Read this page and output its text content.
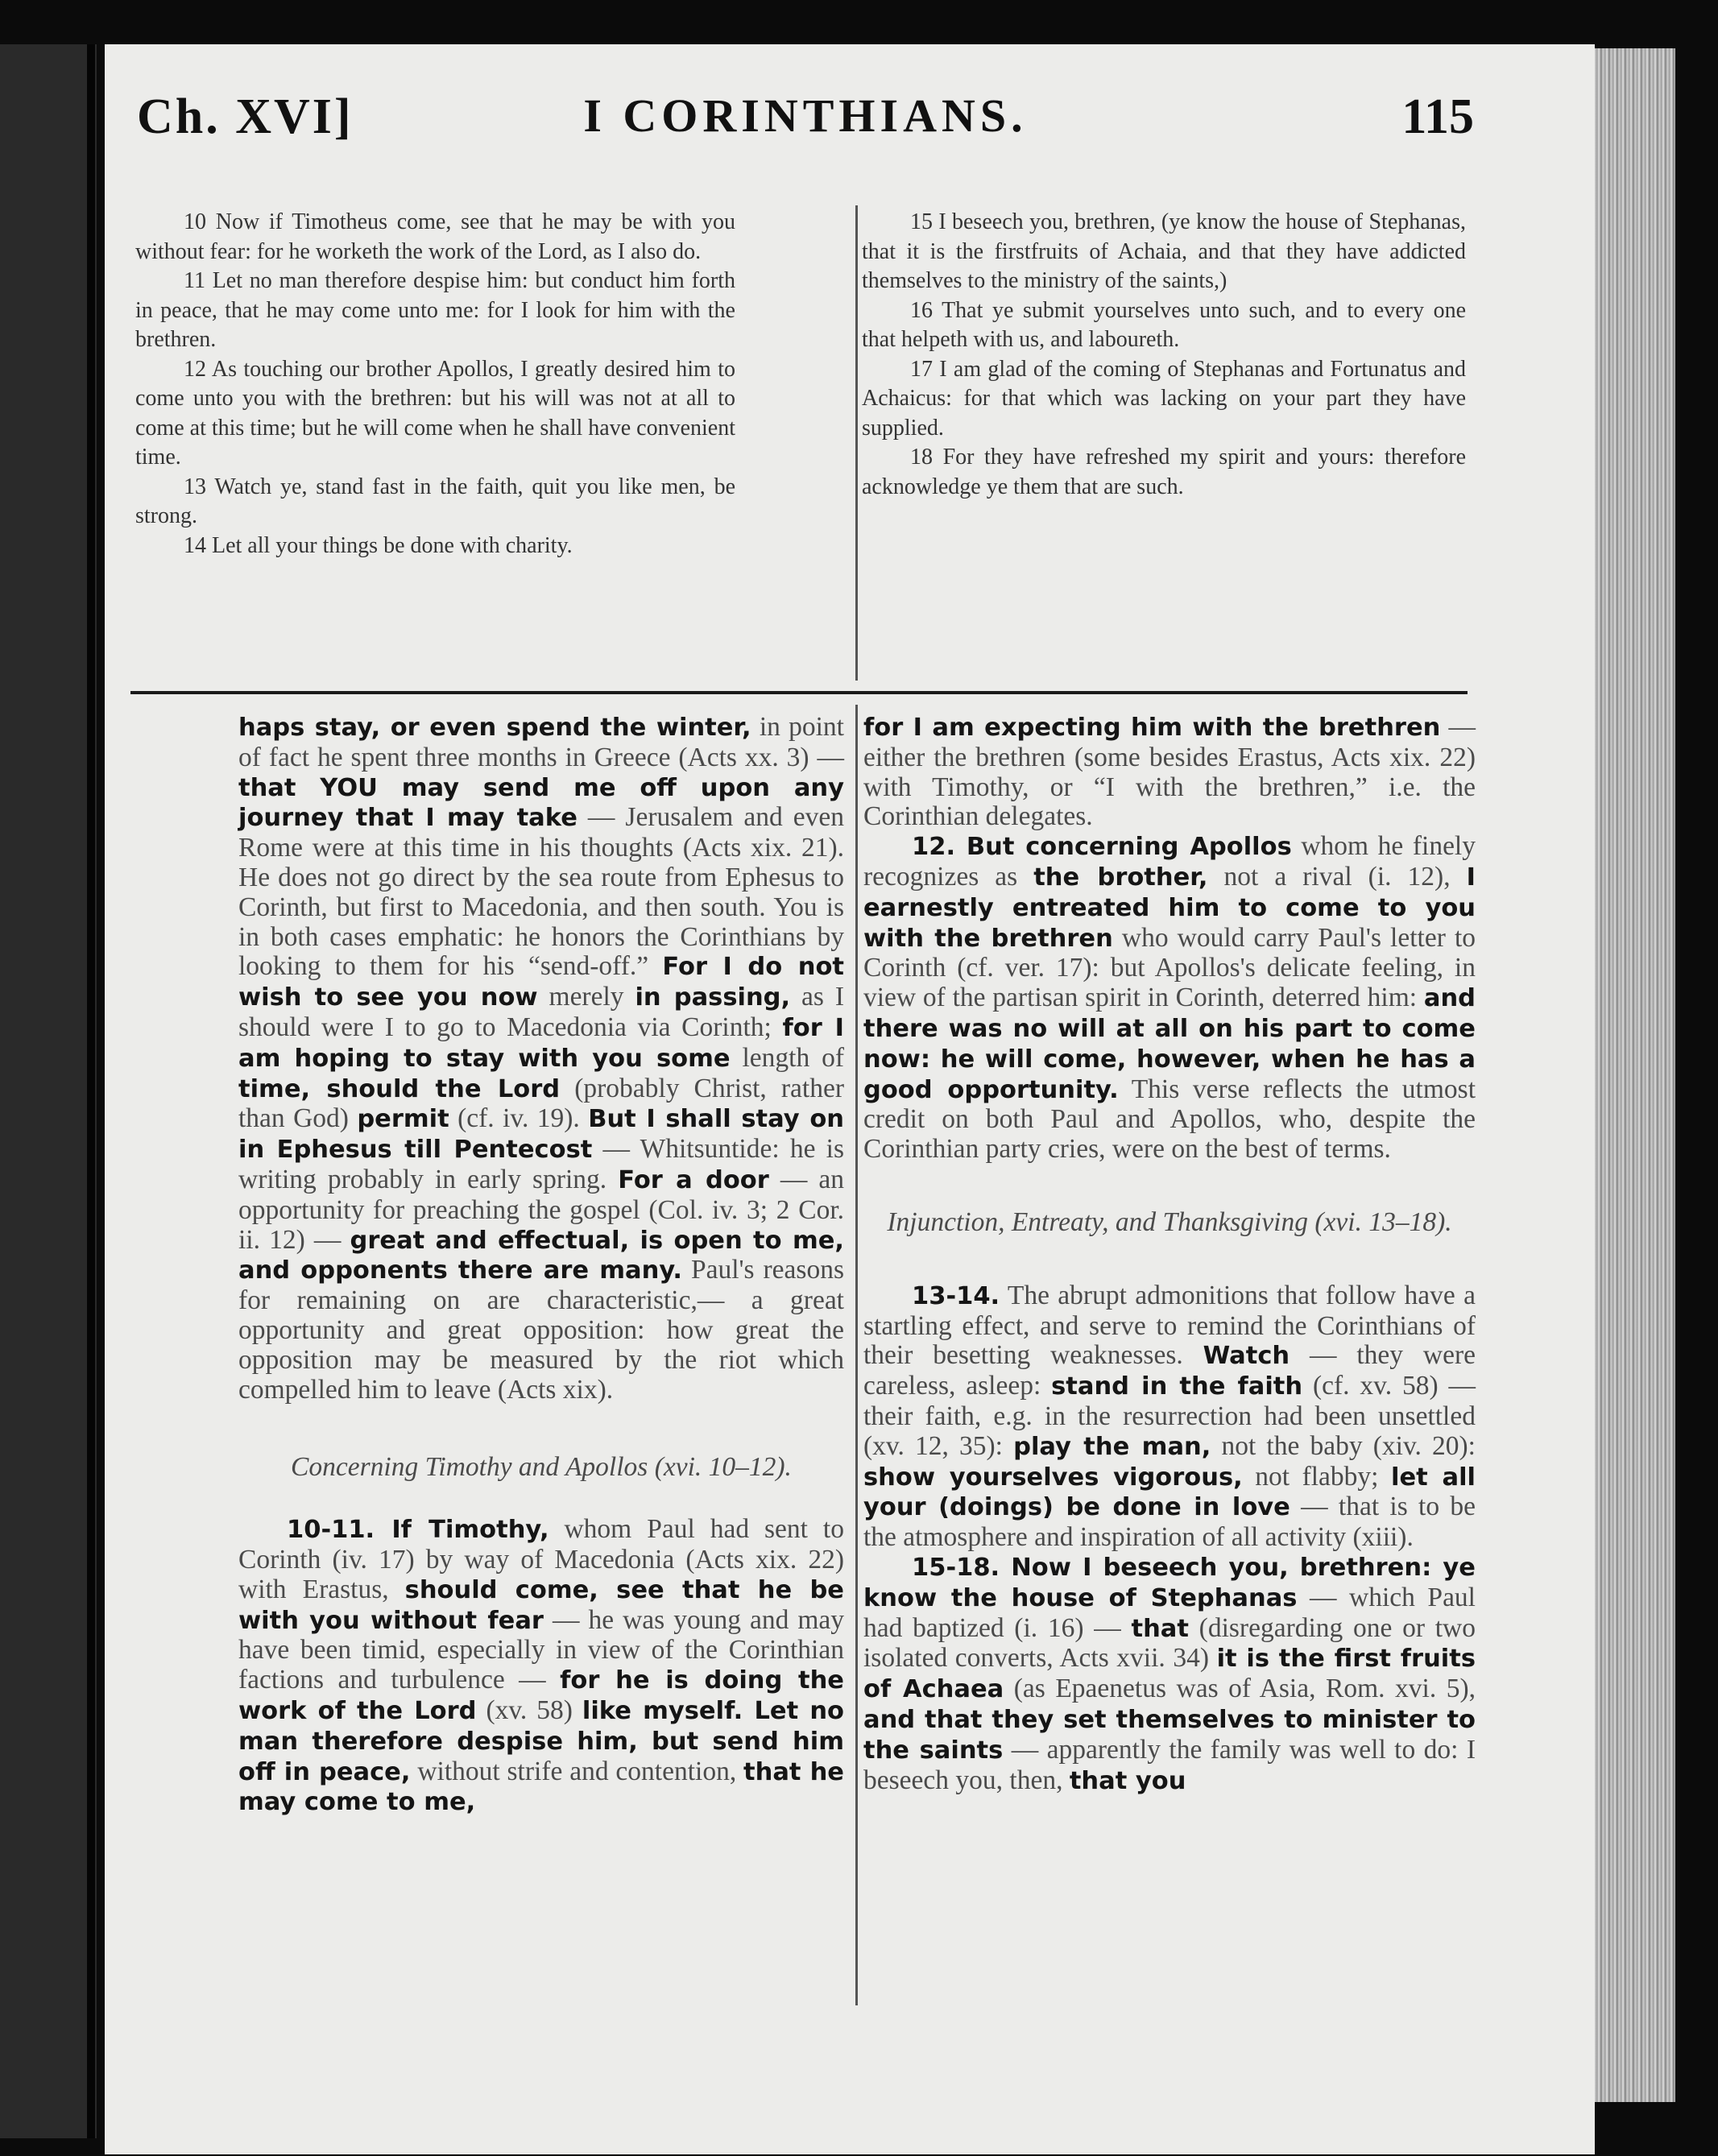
Ch. XVI]	I CORINTHIANS.	115

10 Now if Timotheus come, see that he may be with you without fear: for he worketh the work of the Lord, as I also do.

11 Let no man therefore despise him: but conduct him forth in peace, that he may come unto me: for I look for him with the brethren.

12 As touching our brother Apollos, I greatly desired him to come unto you with the brethren: but his will was not at all to come at this time; but he will come when he shall have convenient time.

13 Watch ye, stand fast in the faith, quit you like men, be strong.

14 Let all your things be done with charity.

15 I beseech you, brethren, (ye know the house of Stephanas, that it is the firstfruits of Achaia, and that they have addicted themselves to the ministry of the saints,)

16 That ye submit yourselves unto such, and to every one that helpeth with us, and laboureth.

17 I am glad of the coming of Stephanas and Fortunatus and Achaicus: for that which was lacking on your part they have supplied.

18 For they have refreshed my spirit and yours: therefore acknowledge ye them that are such.

haps stay, or even spend the winter, in point of fact he spent three months in Greece (Acts xx. 3) — that YOU may send me off upon any journey that I may take — Jerusalem and even Rome were at this time in his thoughts (Acts xix. 21). He does not go direct by the sea route from Ephesus to Corinth, but first to Macedonia, and then south. You is in both cases emphatic: he honors the Corinthians by looking to them for his “send-off.” For I do not wish to see you now merely in passing, as I should were I to go to Macedonia via Corinth; for I am hoping to stay with you some length of time, should the Lord (probably Christ, rather than God) permit (cf. iv. 19). But I shall stay on in Ephesus till Pentecost — Whitsuntide: he is writing probably in early spring. For a door — an opportunity for preaching the gospel (Col. iv. 3; 2 Cor. ii. 12) — great and effectual, is open to me, and opponents there are many. Paul's reasons for remaining on are characteristic,— a great opportunity and great opposition: how great the opposition may be measured by the riot which compelled him to leave (Acts xix).

Concerning Timothy and Apollos (xvi. 10–12).

10-11. If Timothy, whom Paul had sent to Corinth (iv. 17) by way of Macedonia (Acts xix. 22) with Erastus, should come, see that he be with you without fear — he was young and may have been timid, especially in view of the Corinthian factions and turbulence — for he is doing the work of the Lord (xv. 58) like myself. Let no man therefore despise him, but send him off in peace, without strife and contention, that he may come to me,

for I am expecting him with the brethren — either the brethren (some besides Erastus, Acts xix. 22) with Timothy, or “I with the brethren,” i.e. the Corinthian delegates.

12. But concerning Apollos whom he finely recognizes as the brother, not a rival (i. 12), I earnestly entreated him to come to you with the brethren who would carry Paul's letter to Corinth (cf. ver. 17): but Apollos's delicate feeling, in view of the partisan spirit in Corinth, deterred him: and there was no will at all on his part to come now: he will come, however, when he has a good opportunity. This verse reflects the utmost credit on both Paul and Apollos, who, despite the Corinthian party cries, were on the best of terms.

Injunction, Entreaty, and Thanksgiving (xvi. 13–18).

13-14. The abrupt admonitions that follow have a startling effect, and serve to remind the Corinthians of their besetting weaknesses. Watch — they were careless, asleep: stand in the faith (cf. xv. 58) — their faith, e.g. in the resurrection had been unsettled (xv. 12, 35): play the man, not the baby (xiv. 20): show yourselves vigorous, not flabby; let all your (doings) be done in love — that is to be the atmosphere and inspiration of all activity (xiii).

15-18. Now I beseech you, brethren: ye know the house of Stephanas — which Paul had baptized (i. 16) — that (disregarding one or two isolated converts, Acts xvii. 34) it is the first fruits of Achaea (as Epaenetus was of Asia, Rom. xvi. 5), and that they set themselves to minister to the saints — apparently the family was well to do: I beseech you, then, that you
